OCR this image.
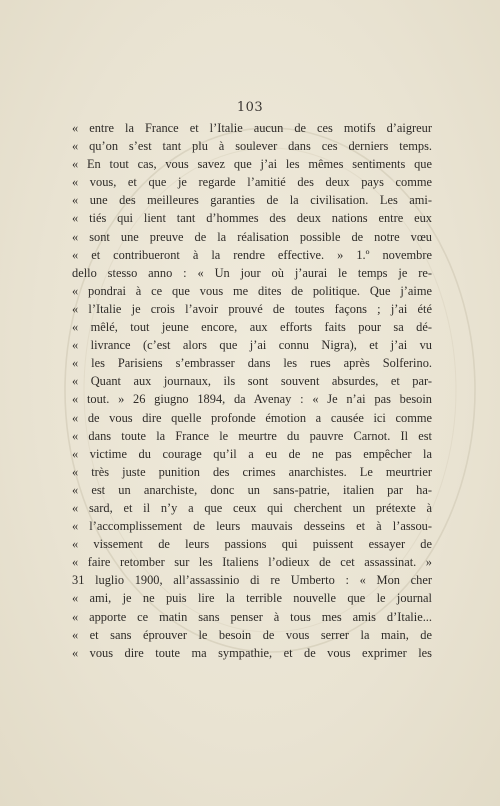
103
« entre la France et l’Italie aucun de ces motifs d’aigreur
« qu’on s’est tant plu à soulever dans ces derniers temps.
« En tout cas, vous savez que j’ai les mêmes sentiments que
« vous, et que je regarde l’amitié des deux pays comme
« une des meilleures garanties de la civilisation. Les ami-
« tiés qui lient tant d’hommes des deux nations entre eux
« sont une preuve de la réalisation possible de notre vœu
« et contribueront à la rendre effective. » 1.º novembre
dello stesso anno : « Un jour où j’aurai le temps je re-
« pondrai à ce que vous me dites de politique. Que j’aime
« l’Italie je crois l’avoir prouvé de toutes façons ; j’ai été
« mêlé, tout jeune encore, aux efforts faits pour sa dé-
« livrance (c’est alors que j’ai connu Nigra), et j’ai vu
« les Parisiens s’embrasser dans les rues après Solferino.
« Quant aux journaux, ils sont souvent absurdes, et par-
« tout. » 26 giugno 1894, da Avenay : « Je n’ai pas besoin
« de vous dire quelle profonde émotion a causée ici comme
« dans toute la France le meurtre du pauvre Carnot. Il est
« victime du courage qu’il a eu de ne pas empêcher la
« très juste punition des crimes anarchistes. Le meurtrier
« est un anarchiste, donc un sans-patrie, italien par ha-
« sard, et il n’y a que ceux qui cherchent un prétexte à
« l’accomplissement de leurs mauvais desseins et à l’assou-
« vissement de leurs passions qui puissent essayer de
« faire retomber sur les Italiens l’odieux de cet assassinat. »
31 luglio 1900, all’assassinio di re Umberto : « Mon cher
« ami, je ne puis lire la terrible nouvelle que le journal
« apporte ce matin sans penser à tous mes amis d’Italie...
« et sans éprouver le besoin de vous serrer la main, de
« vous dire toute ma sympathie, et de vous exprimer les
